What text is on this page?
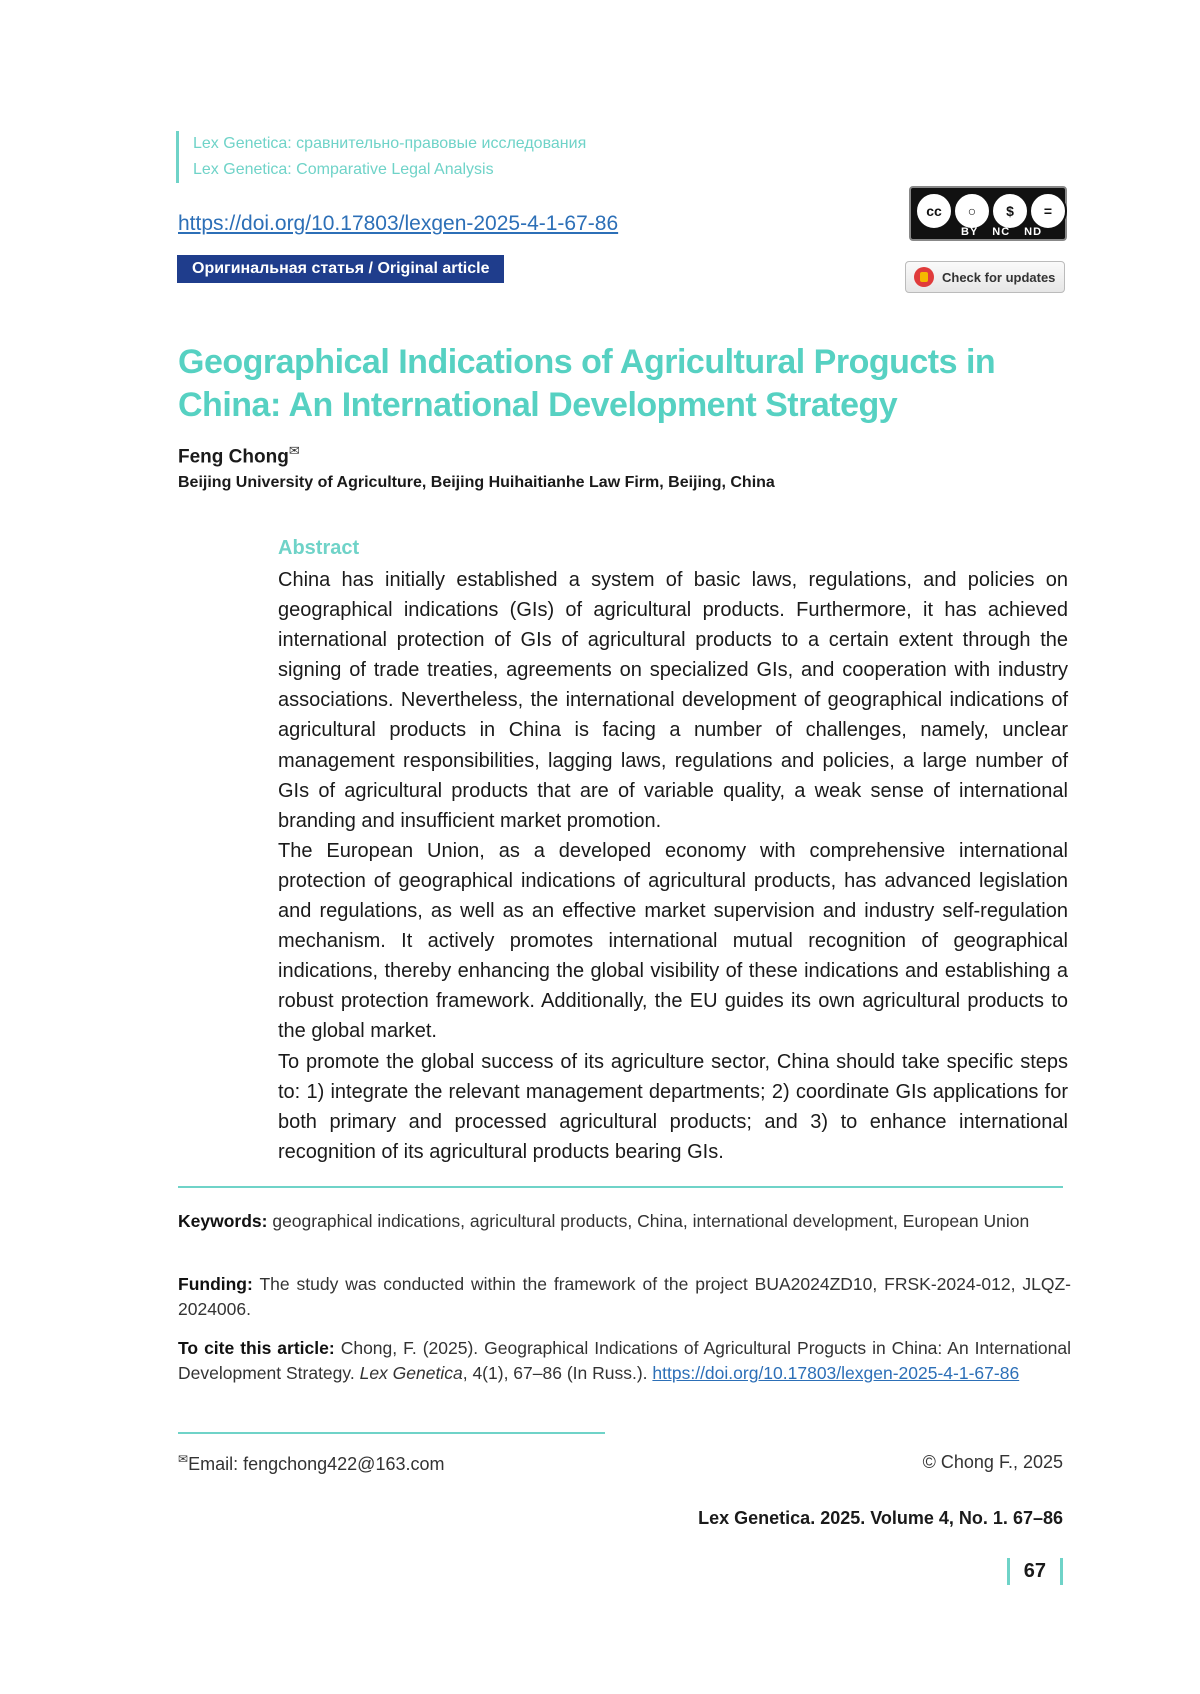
Lex Genetica: сравнительно-правовые исследования
Lex Genetica: Comparative Legal Analysis
https://doi.org/10.17803/lexgen-2025-4-1-67-86
Оригинальная статья / Original article
cc	○	$	=
BY NC ND
Check for updates
Geographical Indications of Agricultural Progucts in China: An International Development Strategy
Feng Chong✉
Beijing University of Agriculture, Beijing Huihaitianhe Law Firm, Beijing, China
Abstract

China has initially established a system of basic laws, regulations, and policies on geographical indications (GIs) of agricultural products. Furthermore, it has achieved international protection of GIs of agricultural products to a certain extent through the signing of trade treaties, agreements on specialized GIs, and cooperation with industry associations. Nevertheless, the international development of geographical indications of agricultural products in China is facing a number of challenges, namely, unclear management responsibilities, lagging laws, regulations and policies, a large number of GIs of agricultural products that are of variable quality, a weak sense of international branding and insufficient market promotion.

The European Union, as a developed economy with comprehensive international protection of geographical indications of agricultural products, has advanced legislation and regulations, as well as an effective market supervision and industry self-regulation mechanism. It actively promotes international mutual recognition of geographical indications, thereby enhancing the global visibility of these indications and establishing a robust protection framework. Additionally, the EU guides its own agricultural products to the global market.

To promote the global success of its agriculture sector, China should take specific steps to: 1) integrate the relevant management departments; 2) coordinate GIs applications for both primary and processed agricultural products; and 3) to enhance international recognition of its agricultural products bearing GIs.

Keywords: geographical indications, agricultural products, China, international development, European Union

Funding: The study was conducted within the framework of the project BUA2024ZD10, FRSK-2024-012, JLQZ-2024006.

To cite this article: Chong, F. (2025). Geographical Indications of Agricultural Progucts in China: An International Development Strategy. Lex Genetica, 4(1), 67–86 (In Russ.). https://doi.org/10.17803/lexgen-2025-4-1-67-86

✉Email: fengchong422@163.com	© Chong F., 2025
Lex Genetica. 2025. Volume 4, No. 1. 67–86
67
